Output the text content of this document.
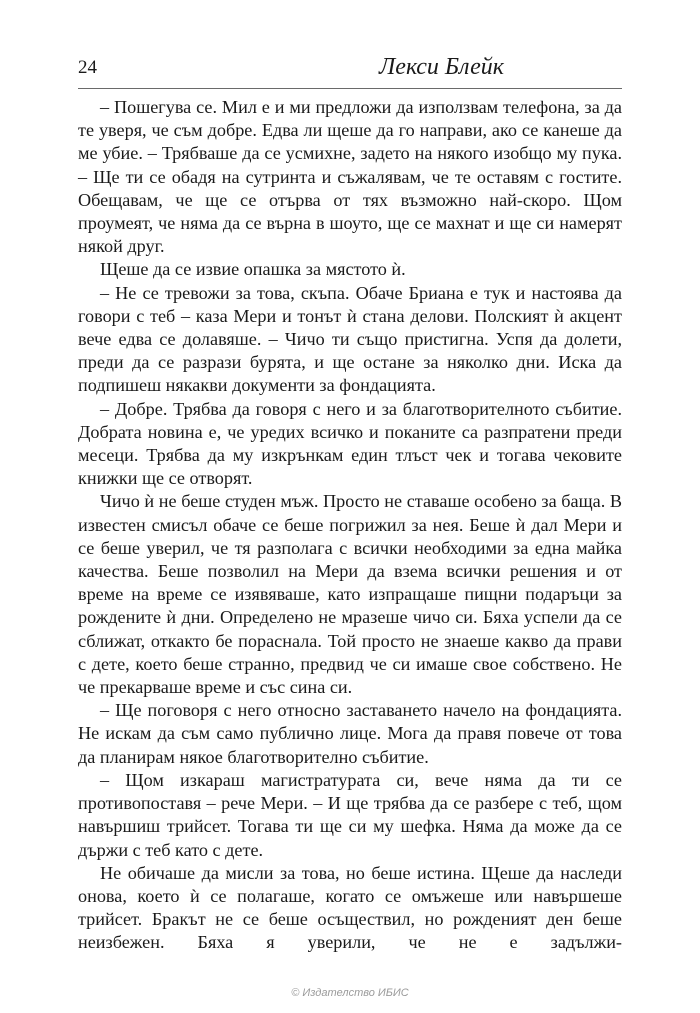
24	Лекси Блейк

– Пошегува се. Мил е и ми предложи да използвам телефона, за да те уверя, че съм добре. Едва ли щеше да го направи, ако се канеше да ме убие. – Трябваше да се усмихне, задето на някого изобщо му пука. – Ще ти се обадя на сутринта и съжалявам, че те оставям с гостите. Обещавам, че ще се отърва от тях възможно най-скоро. Щом проумеят, че няма да се върна в шоуто, ще се махнат и ще си намерят някой друг.

Щеше да се извие опашка за мястото ѝ.

– Не се тревожи за това, скъпа. Обаче Бриана е тук и настоява да говори с теб – каза Мери и тонът ѝ стана делови. Полският ѝ акцент вече едва се долавяше. – Чичо ти също пристигна. Успя да долети, преди да се разрази бурята, и ще остане за няколко дни. Иска да подпишеш някакви документи за фондацията.

– Добре. Трябва да говоря с него и за благотворителното събитие. Добрата новина е, че уредих всичко и поканите са разпратени преди месеци. Трябва да му изкрънкам един тлъст чек и тогава чековите книжки ще се отворят.

Чичо ѝ не беше студен мъж. Просто не ставаше особено за баща. В известен смисъл обаче се беше погрижил за нея. Беше ѝ дал Мери и се беше уверил, че тя разполага с всички необходими за една майка качества. Беше позволил на Мери да взема всички решения и от време на време се изявяваше, като изпращаше пищни подаръци за рождените ѝ дни. Определено не мразеше чичо си. Бяха успели да се сближат, откакто бе пораснала. Той просто не знаеше какво да прави с дете, което беше странно, предвид че си имаше свое собствено. Не че прекарваше време и със сина си.

– Ще поговоря с него относно заставането начело на фондацията. Не искам да съм само публично лице. Мога да правя повече от това да планирам някое благотворително събитие.

– Щом изкараш магистратурата си, вече няма да ти се противопоставя – рече Мери. – И ще трябва да се разбере с теб, щом навършиш трийсет. Тогава ти ще си му шефка. Няма да може да се държи с теб като с дете.

Не обичаше да мисли за това, но беше истина. Щеше да наследи онова, което ѝ се полагаше, когато се омъжеше или навършеше трийсет. Бракът не се беше осъществил, но рожденият ден беше неизбежен. Бяха я уверили, че не е задължи-

© Издателство ИБИС
